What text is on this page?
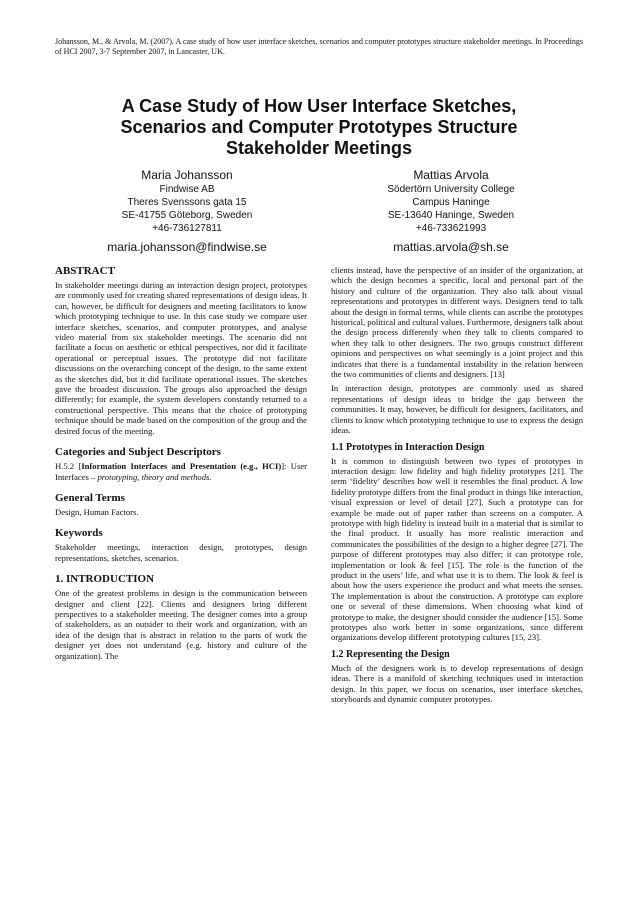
Johansson, M., & Arvola, M. (2007). A case study of how user interface sketches, scenarios and computer prototypes structure stakeholder meetings. In Proceedings of HCI 2007, 3-7 September 2007, in Lancaster, UK.

A Case Study of How User Interface Sketches, Scenarios and Computer Prototypes Structure Stakeholder Meetings
Maria Johansson
Findwise AB
Theres Svenssons gata 15
SE-41755 Göteborg, Sweden
+46-736127811
maria.johansson@findwise.se
Mattias Arvola
Södertörn University College
Campus Haninge
SE-13640 Haninge, Sweden
+46-733621993
mattias.arvola@sh.se
ABSTRACT

In stakeholder meetings during an interaction design project, prototypes are commonly used for creating shared representations of design ideas. It can, however, be difficult for designers and meeting facilitators to know which prototyping technique to use. In this case study we compare user interface sketches, scenarios, and computer prototypes, and analyse video material from six stakeholder meetings. The scenario did not facilitate a focus on aesthetic or ethical perspectives, nor did it facilitate operational or perceptual issues. The prototype did not facilitate discussions on the overarching concept of the design, to the same extent as the sketches did, but it did facilitate operational issues. The sketches gave the broadest discussion. The groups also approached the design differently; for example, the system developers constantly returned to a constructional perspective. This means that the choice of prototyping technique should be made based on the composition of the group and the desired focus of the meeting.

Categories and Subject Descriptors

H.5.2 [Information Interfaces and Presentation (e.g., HCI)]: User Interfaces – prototyping, theory and methods.

General Terms

Design, Human Factors.

Keywords

Stakeholder meetings, interaction design, prototypes, design representations, sketches, scenarios.

1. INTRODUCTION

One of the greatest problems in design is the communication between designer and client [22]. Clients and designers bring different perspectives to a stakeholder meeting. The designer comes into a group of stakeholders, as an outsider to their work and organization, with an idea of the design that is abstract in relation to the parts of work the designer yet does not understand (e.g. history and culture of the organization). The

clients instead, have the perspective of an insider of the organization, at which the design becomes a specific, local and personal part of the history and culture of the organization. They also talk about visual representations and prototypes in different ways. Designers tend to talk about the design in formal terms, while clients can ascribe the prototypes historical, political and cultural values. Furthermore, designers talk about the design process differently when they talk to clients compared to when they talk to other designers. The two groups construct different opinions and perspectives on what seemingly is a joint project and this indicates that there is a fundamental instability in the relation between the two communities of clients and designers. [13]

In interaction design, prototypes are commonly used as shared representations of design ideas to bridge the gap between the communities. It may, however, be difficult for designers, facilitators, and clients to know which prototyping technique to use to express the design ideas.

1.1 Prototypes in Interaction Design

It is common to distinguish between two types of prototypes in interaction design: low fidelity and high fidelity prototypes [21]. The term ‘fidelity’ describes how well it resembles the final product. A low fidelity prototype differs from the final product in things like interaction, visual expression or level of detail [27]. Such a prototype can for example be made out of paper rather than screens on a computer. A prototype with high fidelity is instead built in a material that is similar to the final product. It usually has more realistic interaction and communicates the possibilities of the design to a higher degree [27]. The purpose of different prototypes may also differ; it can prototype role, implementation or look & feel [15]. The role is the function of the product in the users’ life, and what use it is to them. The look & feel is about how the users experience the product and what meets the senses. The implementation is about the construction. A prototype can explore one or several of these dimensions. When choosing what kind of prototype to make, the designer should consider the audience [15]. Some prototypes also work better in some organizations, since different organizations develop different prototyping cultures [15, 23].

1.2 Representing the Design

Much of the designers work is to develop representations of design ideas. There is a manifold of sketching techniques used in interaction design. In this paper, we focus on scenarios, user interface sketches, storyboards and dynamic computer prototypes.
